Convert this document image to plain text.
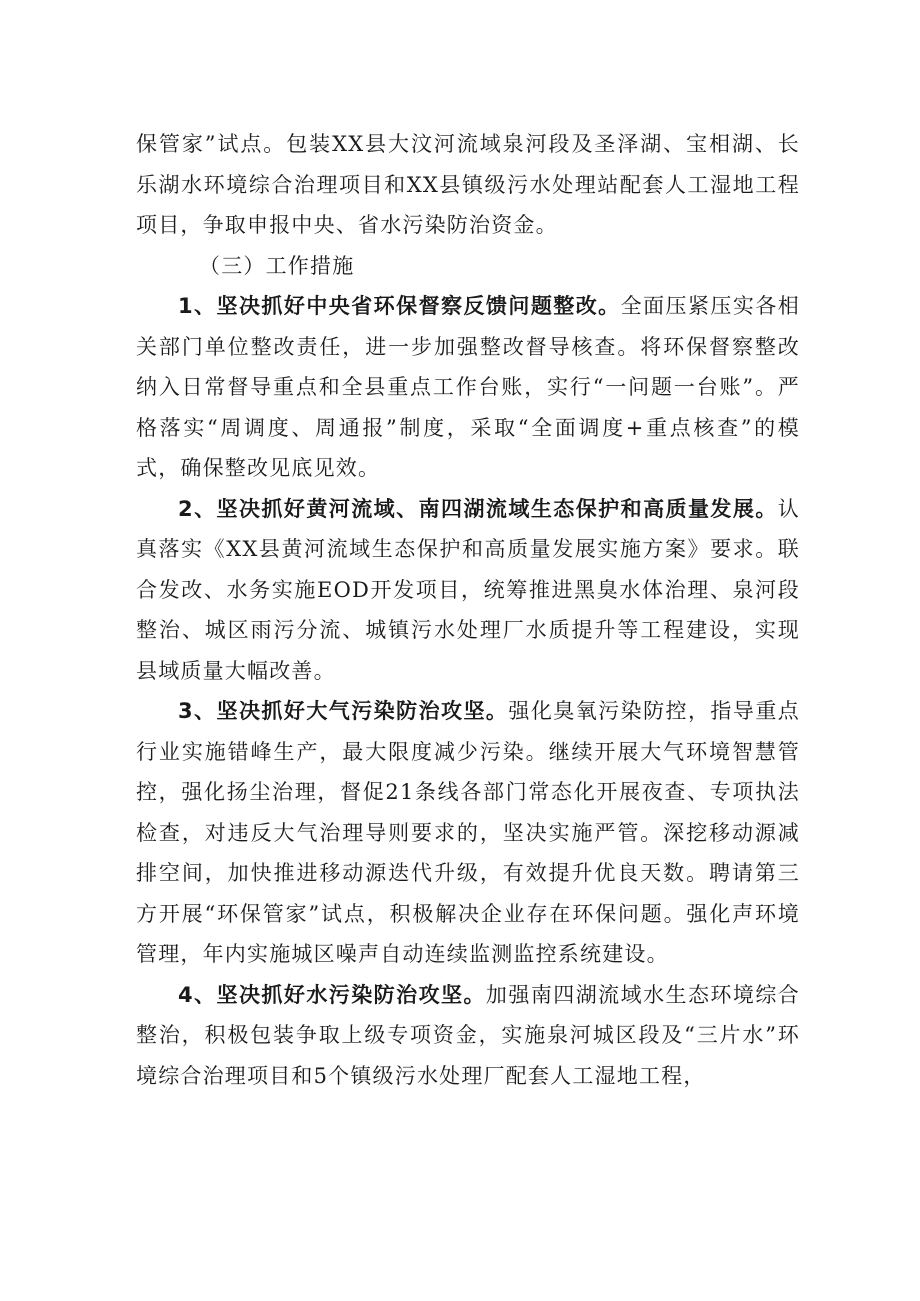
保管家”试点。包装XX县大汶河流域泉河段及圣泽湖、宝相湖、长乐湖水环境综合治理项目和XX县镇级污水处理站配套人工湿地工程项目，争取申报中央、省水污染防治资金。

（三）工作措施

1、坚决抓好中央省环保督察反馈问题整改。全面压紧压实各相关部门单位整改责任，进一步加强整改督导核查。将环保督察整改纳入日常督导重点和全县重点工作台账，实行“一问题一台账”。严格落实“周调度、周通报”制度，采取“全面调度+重点核查”的模式，确保整改见底见效。

2、坚决抓好黄河流域、南四湖流域生态保护和高质量发展。认真落实《XX县黄河流域生态保护和高质量发展实施方案》要求。联合发改、水务实施EOD开发项目，统筹推进黑臭水体治理、泉河段整治、城区雨污分流、城镇污水处理厂水质提升等工程建设，实现县域质量大幅改善。

3、坚决抓好大气污染防治攻坚。强化臭氧污染防控，指导重点行业实施错峰生产，最大限度减少污染。继续开展大气环境智慧管控，强化扬尘治理，督促21条线各部门常态化开展夜查、专项执法检查，对违反大气治理导则要求的，坚决实施严管。深挖移动源减排空间，加快推进移动源迭代升级，有效提升优良天数。聘请第三方开展“环保管家”试点，积极解决企业存在环保问题。强化声环境管理，年内实施城区噪声自动连续监测监控系统建设。

4、坚决抓好水污染防治攻坚。加强南四湖流域水生态环境综合整治，积极包装争取上级专项资金，实施泉河城区段及“三片水”环境综合治理项目和5个镇级污水处理厂配套人工湿地工程，
